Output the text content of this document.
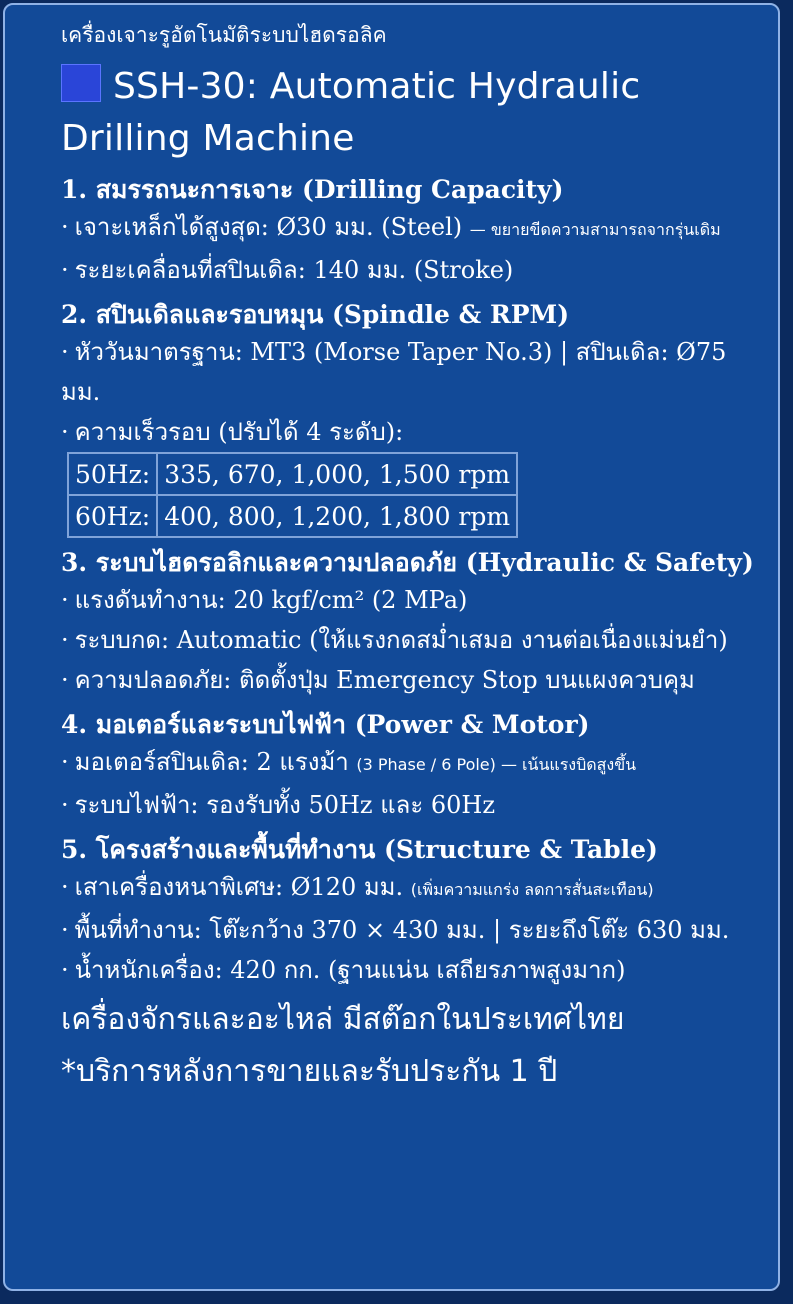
เครื่องเจาะรูอัตโนมัติระบบไฮดรอลิค
SSH-30: Automatic Hydraulic
Drilling Machine
1. สมรรถนะการเจาะ (Drilling Capacity)
· เจาะเหล็กได้สูงสุด: Ø30 มม. (Steel) — ขยายขีดความสามารถจากรุ่นเดิม
· ระยะเคลื่อนที่สปินเดิล: 140 มม. (Stroke)
2. สปินเดิลและรอบหมุน (Spindle & RPM)
· หัววันมาตรฐาน: MT3 (Morse Taper No.3) | สปินเดิล: Ø75 มม.
· ความเร็วรอบ (ปรับได้ 4 ระดับ):
50Hz:	335, 670, 1,000, 1,500 rpm
60Hz:	400, 800, 1,200, 1,800 rpm
3. ระบบไฮดรอลิกและความปลอดภัย (Hydraulic & Safety)
· แรงดันทำงาน: 20 kgf/cm² (2 MPa)
· ระบบกด: Automatic (ให้แรงกดสม่ำเสมอ งานต่อเนื่องแม่นยำ)
· ความปลอดภัย: ติดตั้งปุ่ม Emergency Stop บนแผงควบคุม
4. มอเตอร์และระบบไฟฟ้า (Power & Motor)
· มอเตอร์สปินเดิล: 2 แรงม้า (3 Phase / 6 Pole) — เน้นแรงบิดสูงขึ้น
· ระบบไฟฟ้า: รองรับทั้ง 50Hz และ 60Hz
5. โครงสร้างและพื้นที่ทำงาน (Structure & Table)
· เสาเครื่องหนาพิเศษ: Ø120 มม. (เพิ่มความแกร่ง ลดการสั่นสะเทือน)
· พื้นที่ทำงาน: โต๊ะกว้าง 370 × 430 มม. | ระยะถึงโต๊ะ 630 มม.
· น้ำหนักเครื่อง: 420 กก. (ฐานแน่น เสถียรภาพสูงมาก)
เครื่องจักรและอะไหล่ มีสต๊อกในประเทศไทย
*บริการหลังการขายและรับประกัน 1 ปี
